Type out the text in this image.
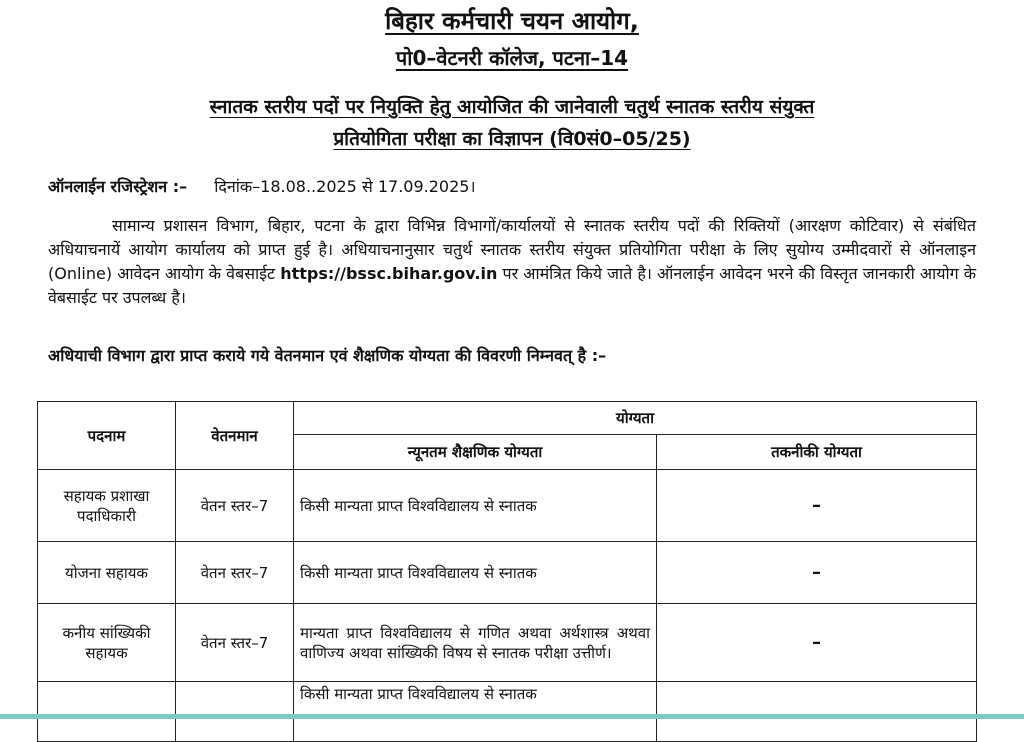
बिहार कर्मचारी चयन आयोग,
पो0–वेटनरी कॉलेज, पटना–14
स्नातक स्तरीय पदों पर नियुक्ति हेतु आयोजित की जानेवाली चतुर्थ स्नातक स्तरीय संयुक्त
प्रतियोगिता परीक्षा का विज्ञापन (वि0सं0–05/25)
ऑनलाईन रजिस्ट्रेशन :– दिनांक–18.08..2025 से 17.09.2025।
सामान्य प्रशासन विभाग, बिहार, पटना के द्वारा विभिन्न विभागों/कार्यालयों से स्नातक स्तरीय पदों की रिक्तियों (आरक्षण कोटिवार) से संबंधित अधियाचनायें आयोग कार्यालय को प्राप्त हुई है। अधियाचनानुसार चतुर्थ स्नातक स्तरीय संयुक्त प्रतियोगिता परीक्षा के लिए सुयोग्य उम्मीदवारों से ऑनलाइन (Online) आवेदन आयोग के वेबसाईट https://bssc.bihar.gov.in पर आमंत्रित किये जाते है। ऑनलाईन आवेदन भरने की विस्तृत जानकारी आयोग के वेबसाईट पर उपलब्ध है।
अधियाची विभाग द्वारा प्राप्त कराये गये वेतनमान एवं शैक्षणिक योग्यता की विवरणी निम्नवत् है :–
पदनाम	वेतनमान	योग्यता	
		न्यूनतम शैक्षणिक योग्यता	तकनीकी योग्यता
सहायक प्रशाखा पदाधिकारी	वेतन स्तर–7	किसी मान्यता प्राप्त विश्वविद्यालय से स्नातक	–
योजना सहायक	वेतन स्तर–7	किसी मान्यता प्राप्त विश्वविद्यालय से स्नातक	–
कनीय सांख्यिकी सहायक	वेतन स्तर–7	मान्यता प्राप्त विश्वविद्यालय से गणित अथवा अर्थशास्त्र अथवा वाणिज्य अथवा सांख्यिकी विषय से स्नातक परीक्षा उत्तीर्ण।	–
		किसी मान्यता प्राप्त विश्वविद्यालय से स्नातक	
